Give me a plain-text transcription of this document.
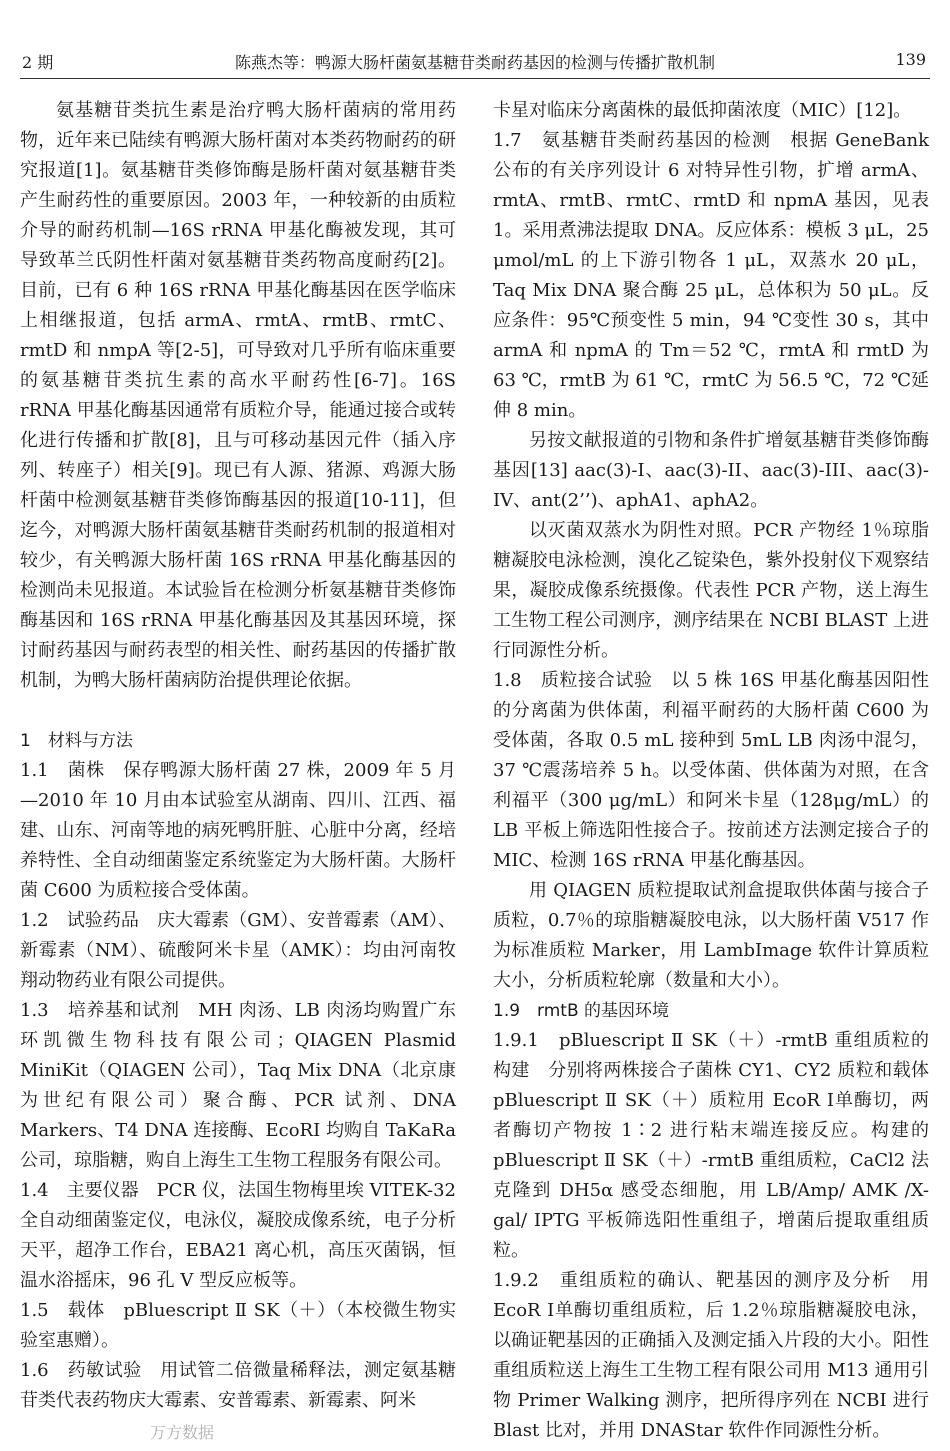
2 期	陈燕杰等：鸭源大肠杆菌氨基糖苷类耐药基因的检测与传播扩散机制	139

氨基糖苷类抗生素是治疗鸭大肠杆菌病的常用药物，近年来已陆续有鸭源大肠杆菌对本类药物耐药的研究报道[1]。氨基糖苷类修饰酶是肠杆菌对氨基糖苷类产生耐药性的重要原因。2003 年，一种较新的由质粒介导的耐药机制—16S rRNA 甲基化酶被发现，其可导致革兰氏阴性杆菌对氨基糖苷类药物高度耐药[2]。目前，已有 6 种 16S rRNA 甲基化酶基因在医学临床上相继报道，包括 armA、rmtA、rmtB、rmtC、rmtD 和 nmpA 等[2-5]，可导致对几乎所有临床重要的氨基糖苷类抗生素的高水平耐药性[6-7]。16S rRNA 甲基化酶基因通常有质粒介导，能通过接合或转化进行传播和扩散[8]，且与可移动基因元件（插入序列、转座子）相关[9]。现已有人源、猪源、鸡源大肠杆菌中检测氨基糖苷类修饰酶基因的报道[10-11]，但迄今，对鸭源大肠杆菌氨基糖苷类耐药机制的报道相对较少，有关鸭源大肠杆菌 16S rRNA 甲基化酶基因的检测尚未见报道。本试验旨在检测分析氨基糖苷类修饰酶基因和 16S rRNA 甲基化酶基因及其基因环境，探讨耐药基因与耐药表型的相关性、耐药基因的传播扩散机制，为鸭大肠杆菌病防治提供理论依据。

1　材料与方法

1.1　菌株　保存鸭源大肠杆菌 27 株，2009 年 5 月—2010 年 10 月由本试验室从湖南、四川、江西、福建、山东、河南等地的病死鸭肝脏、心脏中分离，经培养特性、全自动细菌鉴定系统鉴定为大肠杆菌。大肠杆菌 C600 为质粒接合受体菌。

1.2　试验药品　庆大霉素（GM）、安普霉素（AM）、新霉素（NM）、硫酸阿米卡星（AMK）：均由河南牧翔动物药业有限公司提供。

1.3　培养基和试剂　MH 肉汤、LB 肉汤均购置广东环凯微生物科技有限公司；QIAGEN Plasmid MiniKit（QIAGEN 公司），Taq Mix DNA（北京康为世纪有限公司）聚合酶、PCR 试剂、DNA Markers、T4 DNA 连接酶、EcoRI 均购自 TaKaRa 公司，琼脂糖，购自上海生工生物工程服务有限公司。

1.4　主要仪器　PCR 仪，法国生物梅里埃 VITEK-32 全自动细菌鉴定仪，电泳仪，凝胶成像系统，电子分析天平，超净工作台，EBA21 离心机，高压灭菌锅，恒温水浴摇床，96 孔 V 型反应板等。

1.5　载体　pBluescript Ⅱ SK（＋）（本校微生物实验室惠赠）。

1.6　药敏试验　用试管二倍微量稀释法，测定氨基糖苷类代表药物庆大霉素、安普霉素、新霉素、阿米

卡星对临床分离菌株的最低抑菌浓度（MIC）[12]。

1.7　氨基糖苷类耐药基因的检测　根据 GeneBank 公布的有关序列设计 6 对特异性引物，扩增 armA、rmtA、rmtB、rmtC、rmtD 和 npmA 基因，见表 1。采用煮沸法提取 DNA。反应体系：模板 3 μL，25 μmol/mL 的上下游引物各 1 μL，双蒸水 20 μL，Taq Mix DNA 聚合酶 25 μL，总体积为 50 μL。反应条件：95℃预变性 5 min，94 ℃变性 30 s，其中 armA 和 npmA 的 Tm＝52 ℃，rmtA 和 rmtD 为 63 ℃，rmtB 为 61 ℃，rmtC 为 56.5 ℃，72 ℃延伸 8 min。

另按文献报道的引物和条件扩增氨基糖苷类修饰酶基因[13] aac(3)-I、aac(3)-II、aac(3)-III、aac(3)-IV、ant(2’’)、aphA1、aphA2。

以灭菌双蒸水为阴性对照。PCR 产物经 1％琼脂糖凝胶电泳检测，溴化乙锭染色，紫外投射仪下观察结果，凝胶成像系统摄像。代表性 PCR 产物，送上海生工生物工程公司测序，测序结果在 NCBI BLAST 上进行同源性分析。

1.8　质粒接合试验　以 5 株 16S 甲基化酶基因阳性的分离菌为供体菌，利福平耐药的大肠杆菌 C600 为受体菌，各取 0.5 mL 接种到 5mL LB 肉汤中混匀，37 ℃震荡培养 5 h。以受体菌、供体菌为对照，在含利福平（300 μg/mL）和阿米卡星（128μg/mL）的 LB 平板上筛选阳性接合子。按前述方法测定接合子的 MIC、检测 16S rRNA 甲基化酶基因。

用 QIAGEN 质粒提取试剂盒提取供体菌与接合子质粒，0.7％的琼脂糖凝胶电泳，以大肠杆菌 V517 作为标准质粒 Marker，用 LambImage 软件计算质粒大小，分析质粒轮廓（数量和大小）。

1.9　rmtB 的基因环境

1.9.1　pBluescript Ⅱ SK（＋）-rmtB 重组质粒的构建　分别将两株接合子菌株 CY1、CY2 质粒和载体 pBluescript Ⅱ SK（＋）质粒用 EcoR Ⅰ单酶切，两者酶切产物按 1∶2 进行粘末端连接反应。构建的 pBluescript Ⅱ SK（＋）-rmtB 重组质粒，CaCl2 法克隆到 DH5α 感受态细胞，用 LB/Amp/ AMK /X-gal/ IPTG 平板筛选阳性重组子，增菌后提取重组质粒。

1.9.2　重组质粒的确认、靶基因的测序及分析　用 EcoR Ⅰ单酶切重组质粒，后 1.2％琼脂糖凝胶电泳，以确证靶基因的正确插入及测定插入片段的大小。阳性重组质粒送上海生工生物工程有限公司用 M13 通用引物 Primer Walking 测序，把所得序列在 NCBI 进行 Blast 比对，并用 DNAStar 软件作同源性分析。

万方数据
